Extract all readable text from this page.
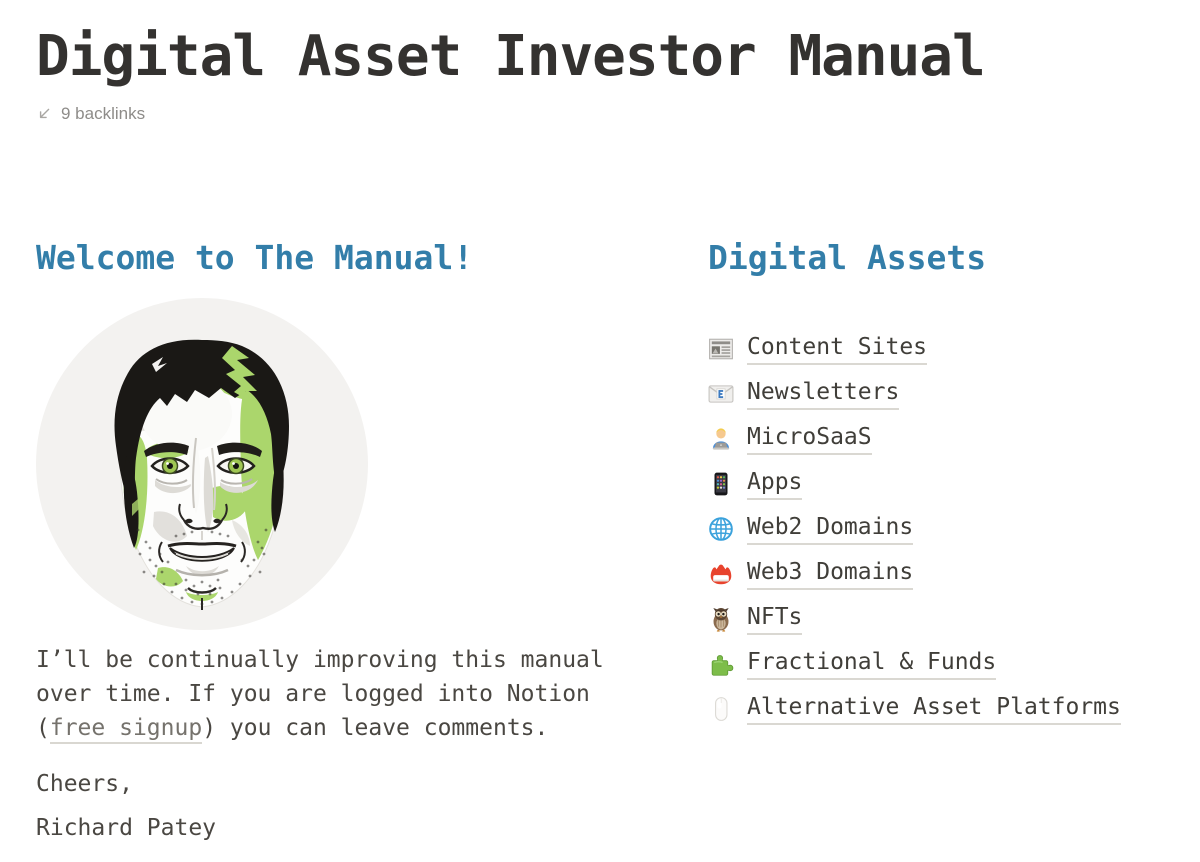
Digital Asset Investor Manual
9 backlinks
Welcome to The Manual!

I’ll be continually improving this manual over time. If you are logged into Notion (free signup) you can leave comments.

Cheers,

Richard Patey

Digital Assets
Content Sites
Newsletters
MicroSaaS
Apps
Web2 Domains
Web3 Domains
NFTs
Fractional & Funds
Alternative Asset Platforms
